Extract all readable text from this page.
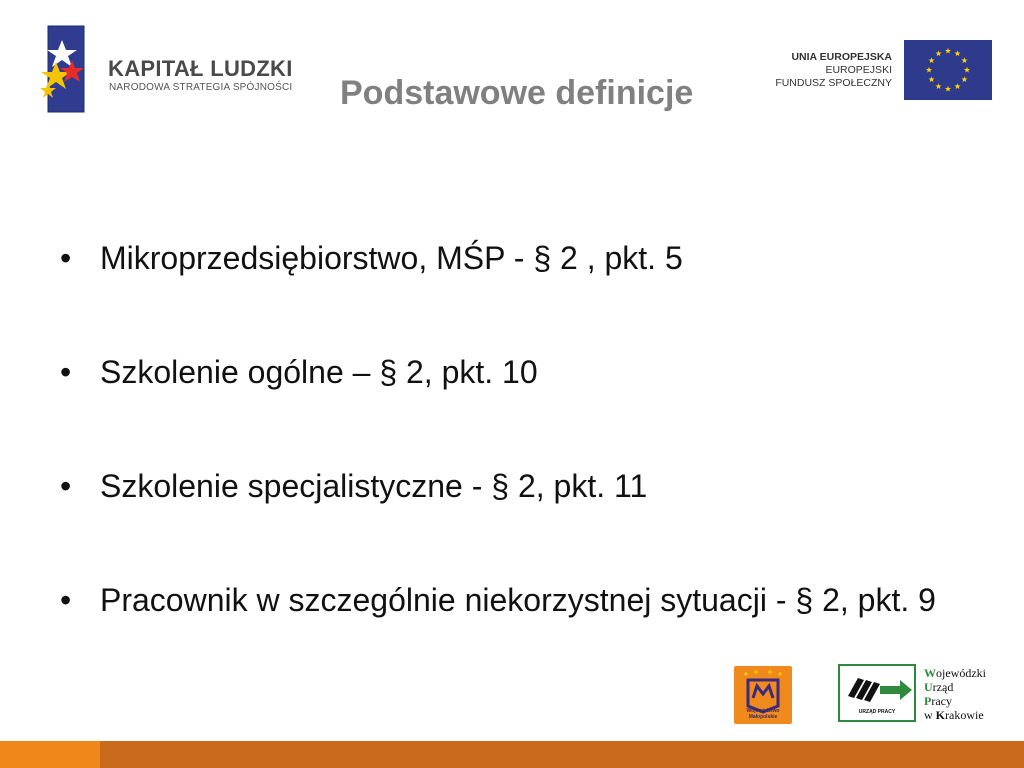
KAPITAŁ LUDZKI
NARODOWA STRATEGIA SPÓJNOŚCI Podstawowe definicje
UNIA EUROPEJSKA
EUROPEJSKI
FUNDUSZ SPOŁECZNY
• Mikroprzedsiębiorstwo, MŚP - § 2 , pkt. 5
• Szkolenie ogólne – § 2, pkt. 10
• Szkolenie specjalistyczne - § 2, pkt. 11
• Pracownik w szczególnie niekorzystnej sytuacji - § 2, pkt. 9
Województwo Małopolskie
URZĄD PRACY
Wojewódzki
Urząd
Pracy
w Krakowie
